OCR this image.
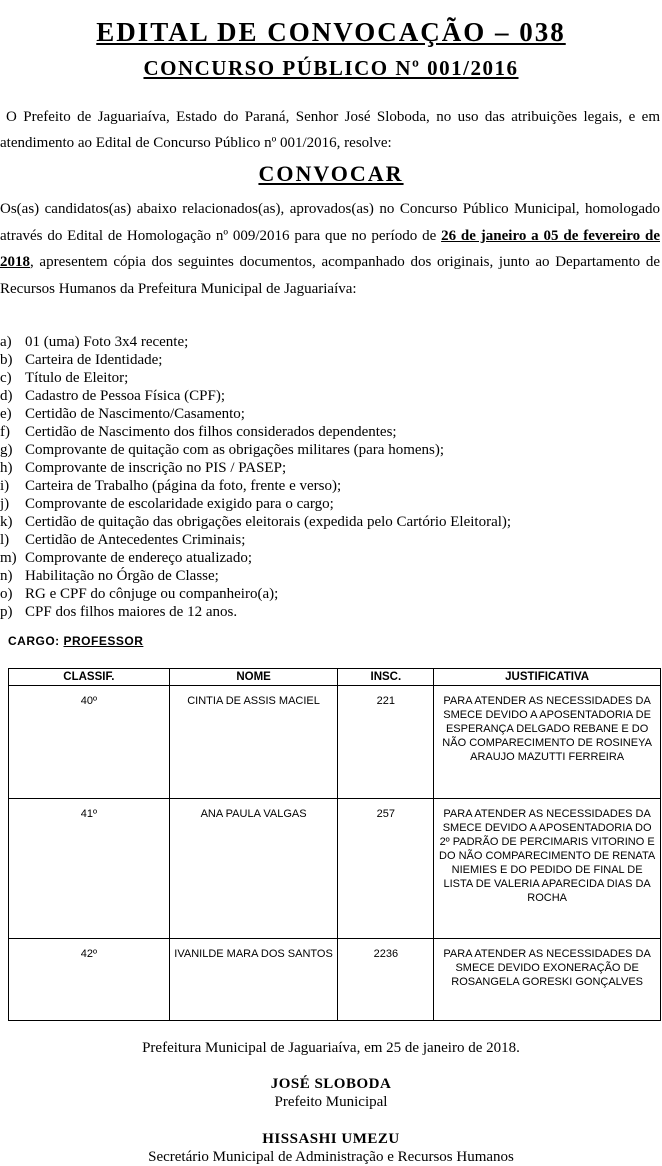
EDITAL DE CONVOCAÇÃO – 038
CONCURSO PÚBLICO Nº 001/2016
O Prefeito de Jaguariaíva, Estado do Paraná, Senhor José Sloboda, no uso das atribuições legais, e em atendimento ao Edital de Concurso Público nº 001/2016, resolve:
CONVOCAR
Os(as) candidatos(as) abaixo relacionados(as), aprovados(as) no Concurso Público Municipal, homologado através do Edital de Homologação nº 009/2016 para que no período de 26 de janeiro a 05 de fevereiro de 2018, apresentem cópia dos seguintes documentos, acompanhado dos originais, junto ao Departamento de Recursos Humanos da Prefeitura Municipal de Jaguariaíva:
a) 01 (uma) Foto 3x4 recente;
b) Carteira de Identidade;
c) Título de Eleitor;
d) Cadastro de Pessoa Física (CPF);
e) Certidão de Nascimento/Casamento;
f) Certidão de Nascimento dos filhos considerados dependentes;
g) Comprovante de quitação com as obrigações militares (para homens);
h) Comprovante de inscrição no PIS / PASEP;
i) Carteira de Trabalho (página da foto, frente e verso);
j) Comprovante de escolaridade exigido para o cargo;
k) Certidão de quitação das obrigações eleitorais (expedida pelo Cartório Eleitoral);
l) Certidão de Antecedentes Criminais;
m) Comprovante de endereço atualizado;
n) Habilitação no Órgão de Classe;
o) RG e CPF do cônjuge ou companheiro(a);
p) CPF dos filhos maiores de 12 anos.
CARGO: PROFESSOR
CLASSIF.	NOME	INSC.	JUSTIFICATIVA
40º	CINTIA DE ASSIS MACIEL	221	PARA ATENDER AS NECESSIDADES DA SMECE DEVIDO A APOSENTADORIA DE ESPERANÇA DELGADO REBANE E DO NÃO COMPARECIMENTO DE ROSINEYA ARAUJO MAZUTTI FERREIRA
41º	ANA PAULA VALGAS	257	PARA ATENDER AS NECESSIDADES DA SMECE DEVIDO A APOSENTADORIA DO 2º PADRÃO DE PERCIMARIS VITORINO E DO NÃO COMPARECIMENTO DE RENATA NIEMIES E DO PEDIDO DE FINAL DE LISTA DE VALERIA APARECIDA DIAS DA ROCHA
42º	IVANILDE MARA DOS SANTOS	2236	PARA ATENDER AS NECESSIDADES DA SMECE DEVIDO EXONERAÇÃO DE ROSANGELA GORESKI GONÇALVES
Prefeitura Municipal de Jaguariaíva, em 25 de janeiro de 2018.
JOSÉ SLOBODA
Prefeito Municipal
HISSASHI UMEZU
Secretário Municipal de Administração e Recursos Humanos
